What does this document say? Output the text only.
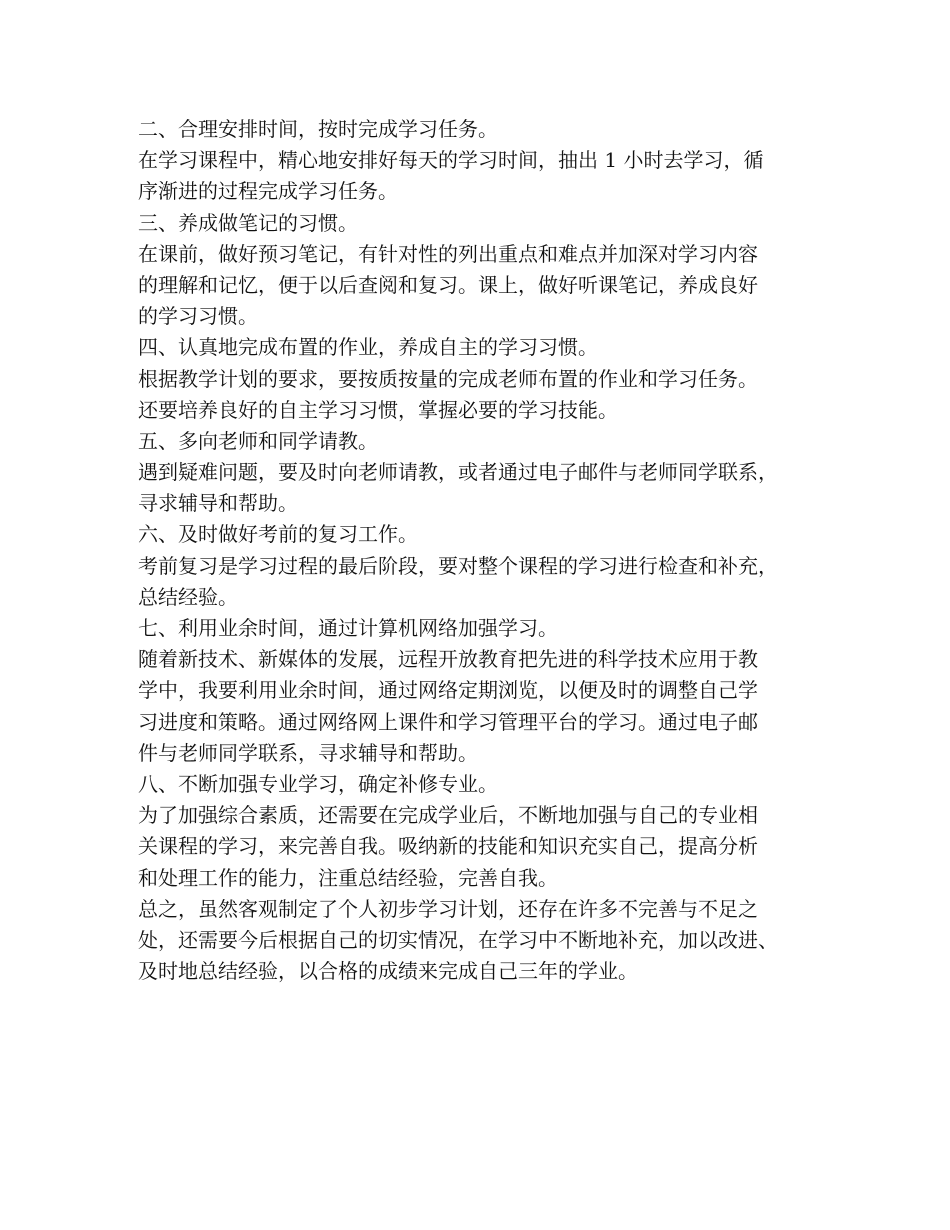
二、合理安排时间，按时完成学习任务。
在学习课程中，精心地安排好每天的学习时间，抽出 1 小时去学习，循
序渐进的过程完成学习任务。
三、养成做笔记的习惯。
在课前，做好预习笔记，有针对性的列出重点和难点并加深对学习内容
的理解和记忆，便于以后查阅和复习。课上，做好听课笔记，养成良好
的学习习惯。
四、认真地完成布置的作业，养成自主的学习习惯。
根据教学计划的要求，要按质按量的完成老师布置的作业和学习任务。
还要培养良好的自主学习习惯，掌握必要的学习技能。
五、多向老师和同学请教。
遇到疑难问题，要及时向老师请教，或者通过电子邮件与老师同学联系，
寻求辅导和帮助。
六、及时做好考前的复习工作。
考前复习是学习过程的最后阶段，要对整个课程的学习进行检查和补充，
总结经验。
七、利用业余时间，通过计算机网络加强学习。
随着新技术、新媒体的发展，远程开放教育把先进的科学技术应用于教
学中，我要利用业余时间，通过网络定期浏览，以便及时的调整自己学
习进度和策略。通过网络网上课件和学习管理平台的学习。通过电子邮
件与老师同学联系，寻求辅导和帮助。
八、不断加强专业学习，确定补修专业。
为了加强综合素质，还需要在完成学业后，不断地加强与自己的专业相
关课程的学习，来完善自我。吸纳新的技能和知识充实自己，提高分析
和处理工作的能力，注重总结经验，完善自我。
总之，虽然客观制定了个人初步学习计划，还存在许多不完善与不足之
处，还需要今后根据自己的切实情况，在学习中不断地补充，加以改进、
及时地总结经验，以合格的成绩来完成自己三年的学业。
